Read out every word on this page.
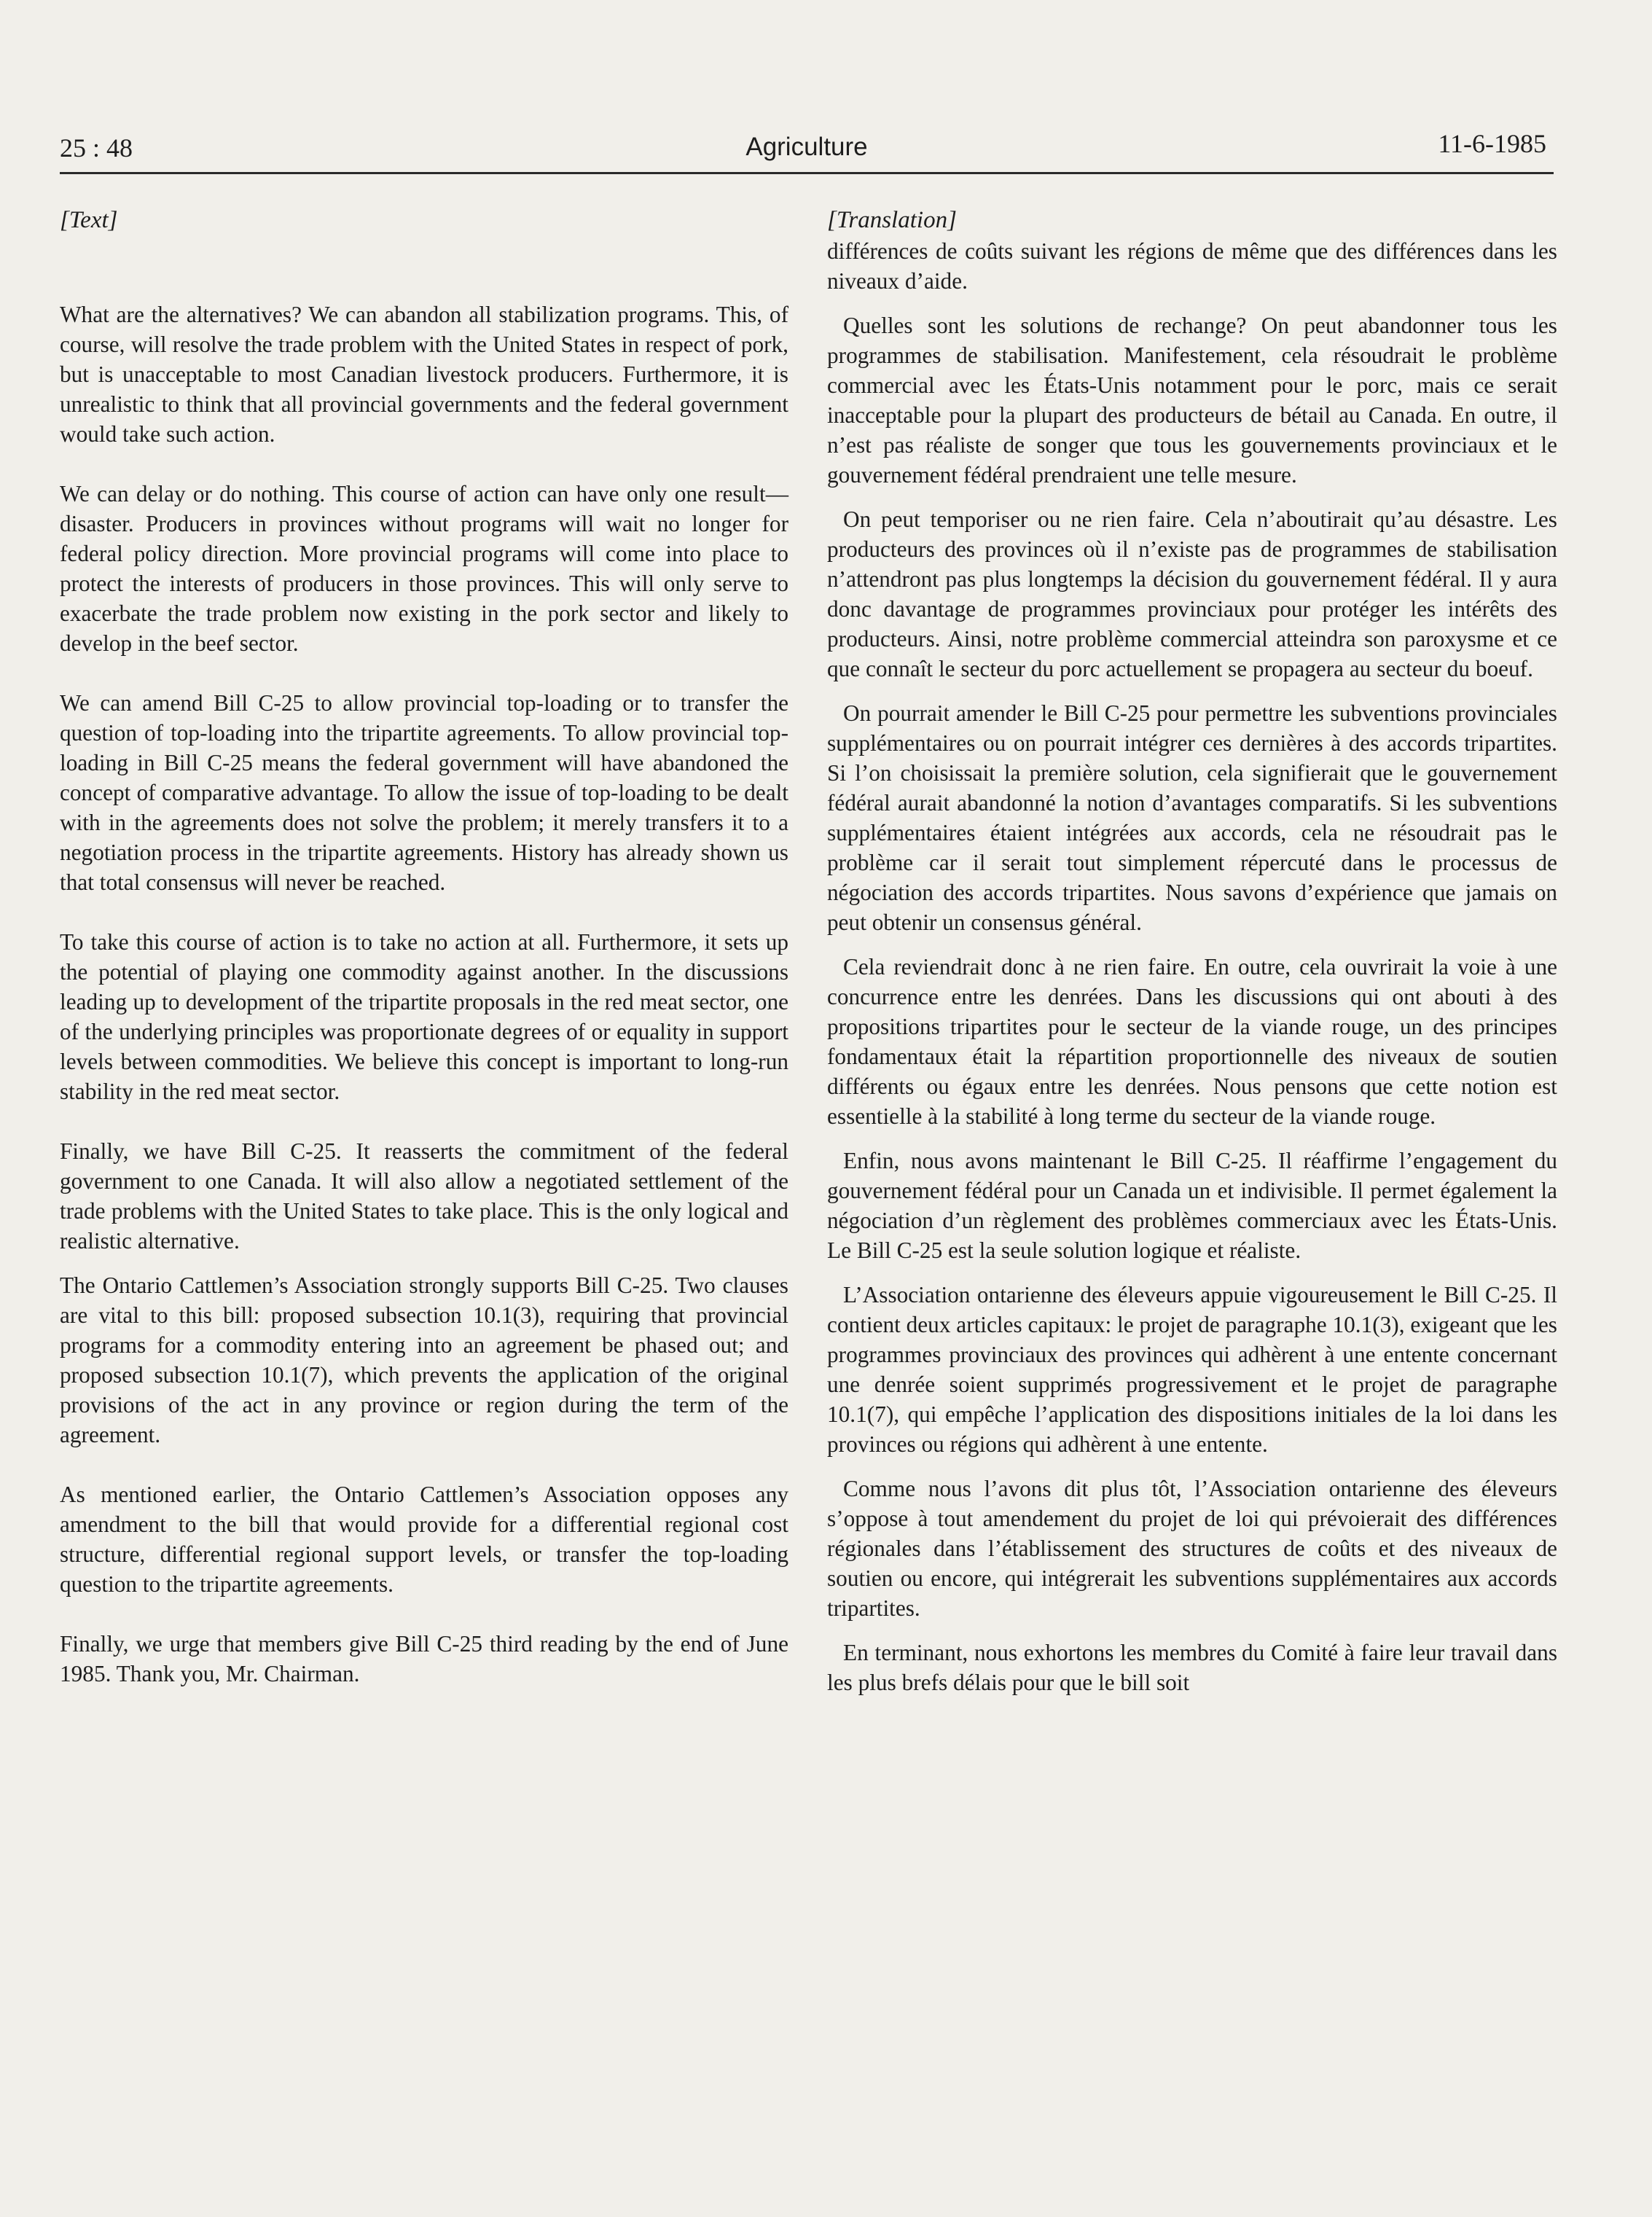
25 : 48	Agriculture	11-6-1985
[Text]

What are the alternatives? We can abandon all stabilization programs. This, of course, will resolve the trade problem with the United States in respect of pork, but is unacceptable to most Canadian livestock producers. Furthermore, it is unrealistic to think that all provincial governments and the federal government would take such action.

We can delay or do nothing. This course of action can have only one result—disaster. Producers in provinces without programs will wait no longer for federal policy direction. More provincial programs will come into place to protect the interests of producers in those provinces. This will only serve to exacerbate the trade problem now existing in the pork sector and likely to develop in the beef sector.

We can amend Bill C-25 to allow provincial top-loading or to transfer the question of top-loading into the tripartite agreements. To allow provincial top-loading in Bill C-25 means the federal government will have abandoned the concept of comparative advantage. To allow the issue of top-loading to be dealt with in the agreements does not solve the problem; it merely transfers it to a negotiation process in the tripartite agreements. History has already shown us that total consensus will never be reached.

To take this course of action is to take no action at all. Furthermore, it sets up the potential of playing one commodity against another. In the discussions leading up to development of the tripartite proposals in the red meat sector, one of the underlying principles was proportionate degrees of or equality in support levels between commodities. We believe this concept is important to long-run stability in the red meat sector.

Finally, we have Bill C-25. It reasserts the commitment of the federal government to one Canada. It will also allow a negotiated settlement of the trade problems with the United States to take place. This is the only logical and realistic alternative.

The Ontario Cattlemen’s Association strongly supports Bill C-25. Two clauses are vital to this bill: proposed subsection 10.1(3), requiring that provincial programs for a commodity entering into an agreement be phased out; and proposed subsection 10.1(7), which prevents the application of the original provisions of the act in any province or region during the term of the agreement.

As mentioned earlier, the Ontario Cattlemen’s Association opposes any amendment to the bill that would provide for a differential regional cost structure, differential regional support levels, or transfer the top-loading question to the tripartite agreements.

Finally, we urge that members give Bill C-25 third reading by the end of June 1985. Thank you, Mr. Chairman.

[Translation]

différences de coûts suivant les régions de même que des différences dans les niveaux d’aide.

Quelles sont les solutions de rechange? On peut abandonner tous les programmes de stabilisation. Manifestement, cela résoudrait le problème commercial avec les États-Unis notamment pour le porc, mais ce serait inacceptable pour la plupart des producteurs de bétail au Canada. En outre, il n’est pas réaliste de songer que tous les gouvernements provinciaux et le gouvernement fédéral prendraient une telle mesure.

On peut temporiser ou ne rien faire. Cela n’aboutirait qu’au désastre. Les producteurs des provinces où il n’existe pas de programmes de stabilisation n’attendront pas plus longtemps la décision du gouvernement fédéral. Il y aura donc davantage de programmes provinciaux pour protéger les intérêts des producteurs. Ainsi, notre problème commercial atteindra son paroxysme et ce que connaît le secteur du porc actuellement se propagera au secteur du boeuf.

On pourrait amender le Bill C-25 pour permettre les subventions provinciales supplémentaires ou on pourrait intégrer ces dernières à des accords tripartites. Si l’on choisissait la première solution, cela signifierait que le gouvernement fédéral aurait abandonné la notion d’avantages comparatifs. Si les subventions supplémentaires étaient intégrées aux accords, cela ne résoudrait pas le problème car il serait tout simplement répercuté dans le processus de négociation des accords tripartites. Nous savons d’expérience que jamais on peut obtenir un consensus général.

Cela reviendrait donc à ne rien faire. En outre, cela ouvrirait la voie à une concurrence entre les denrées. Dans les discussions qui ont abouti à des propositions tripartites pour le secteur de la viande rouge, un des principes fondamentaux était la répartition proportionnelle des niveaux de soutien différents ou égaux entre les denrées. Nous pensons que cette notion est essentielle à la stabilité à long terme du secteur de la viande rouge.

Enfin, nous avons maintenant le Bill C-25. Il réaffirme l’engagement du gouvernement fédéral pour un Canada un et indivisible. Il permet également la négociation d’un règlement des problèmes commerciaux avec les États-Unis. Le Bill C-25 est la seule solution logique et réaliste.

L’Association ontarienne des éleveurs appuie vigoureusement le Bill C-25. Il contient deux articles capitaux: le projet de paragraphe 10.1(3), exigeant que les programmes provinciaux des provinces qui adhèrent à une entente concernant une denrée soient supprimés progressivement et le projet de paragraphe 10.1(7), qui empêche l’application des dispositions initiales de la loi dans les provinces ou régions qui adhèrent à une entente.

Comme nous l’avons dit plus tôt, l’Association ontarienne des éleveurs s’oppose à tout amendement du projet de loi qui prévoierait des différences régionales dans l’établissement des structures de coûts et des niveaux de soutien ou encore, qui intégrerait les subventions supplémentaires aux accords tripartites.

En terminant, nous exhortons les membres du Comité à faire leur travail dans les plus brefs délais pour que le bill soit
